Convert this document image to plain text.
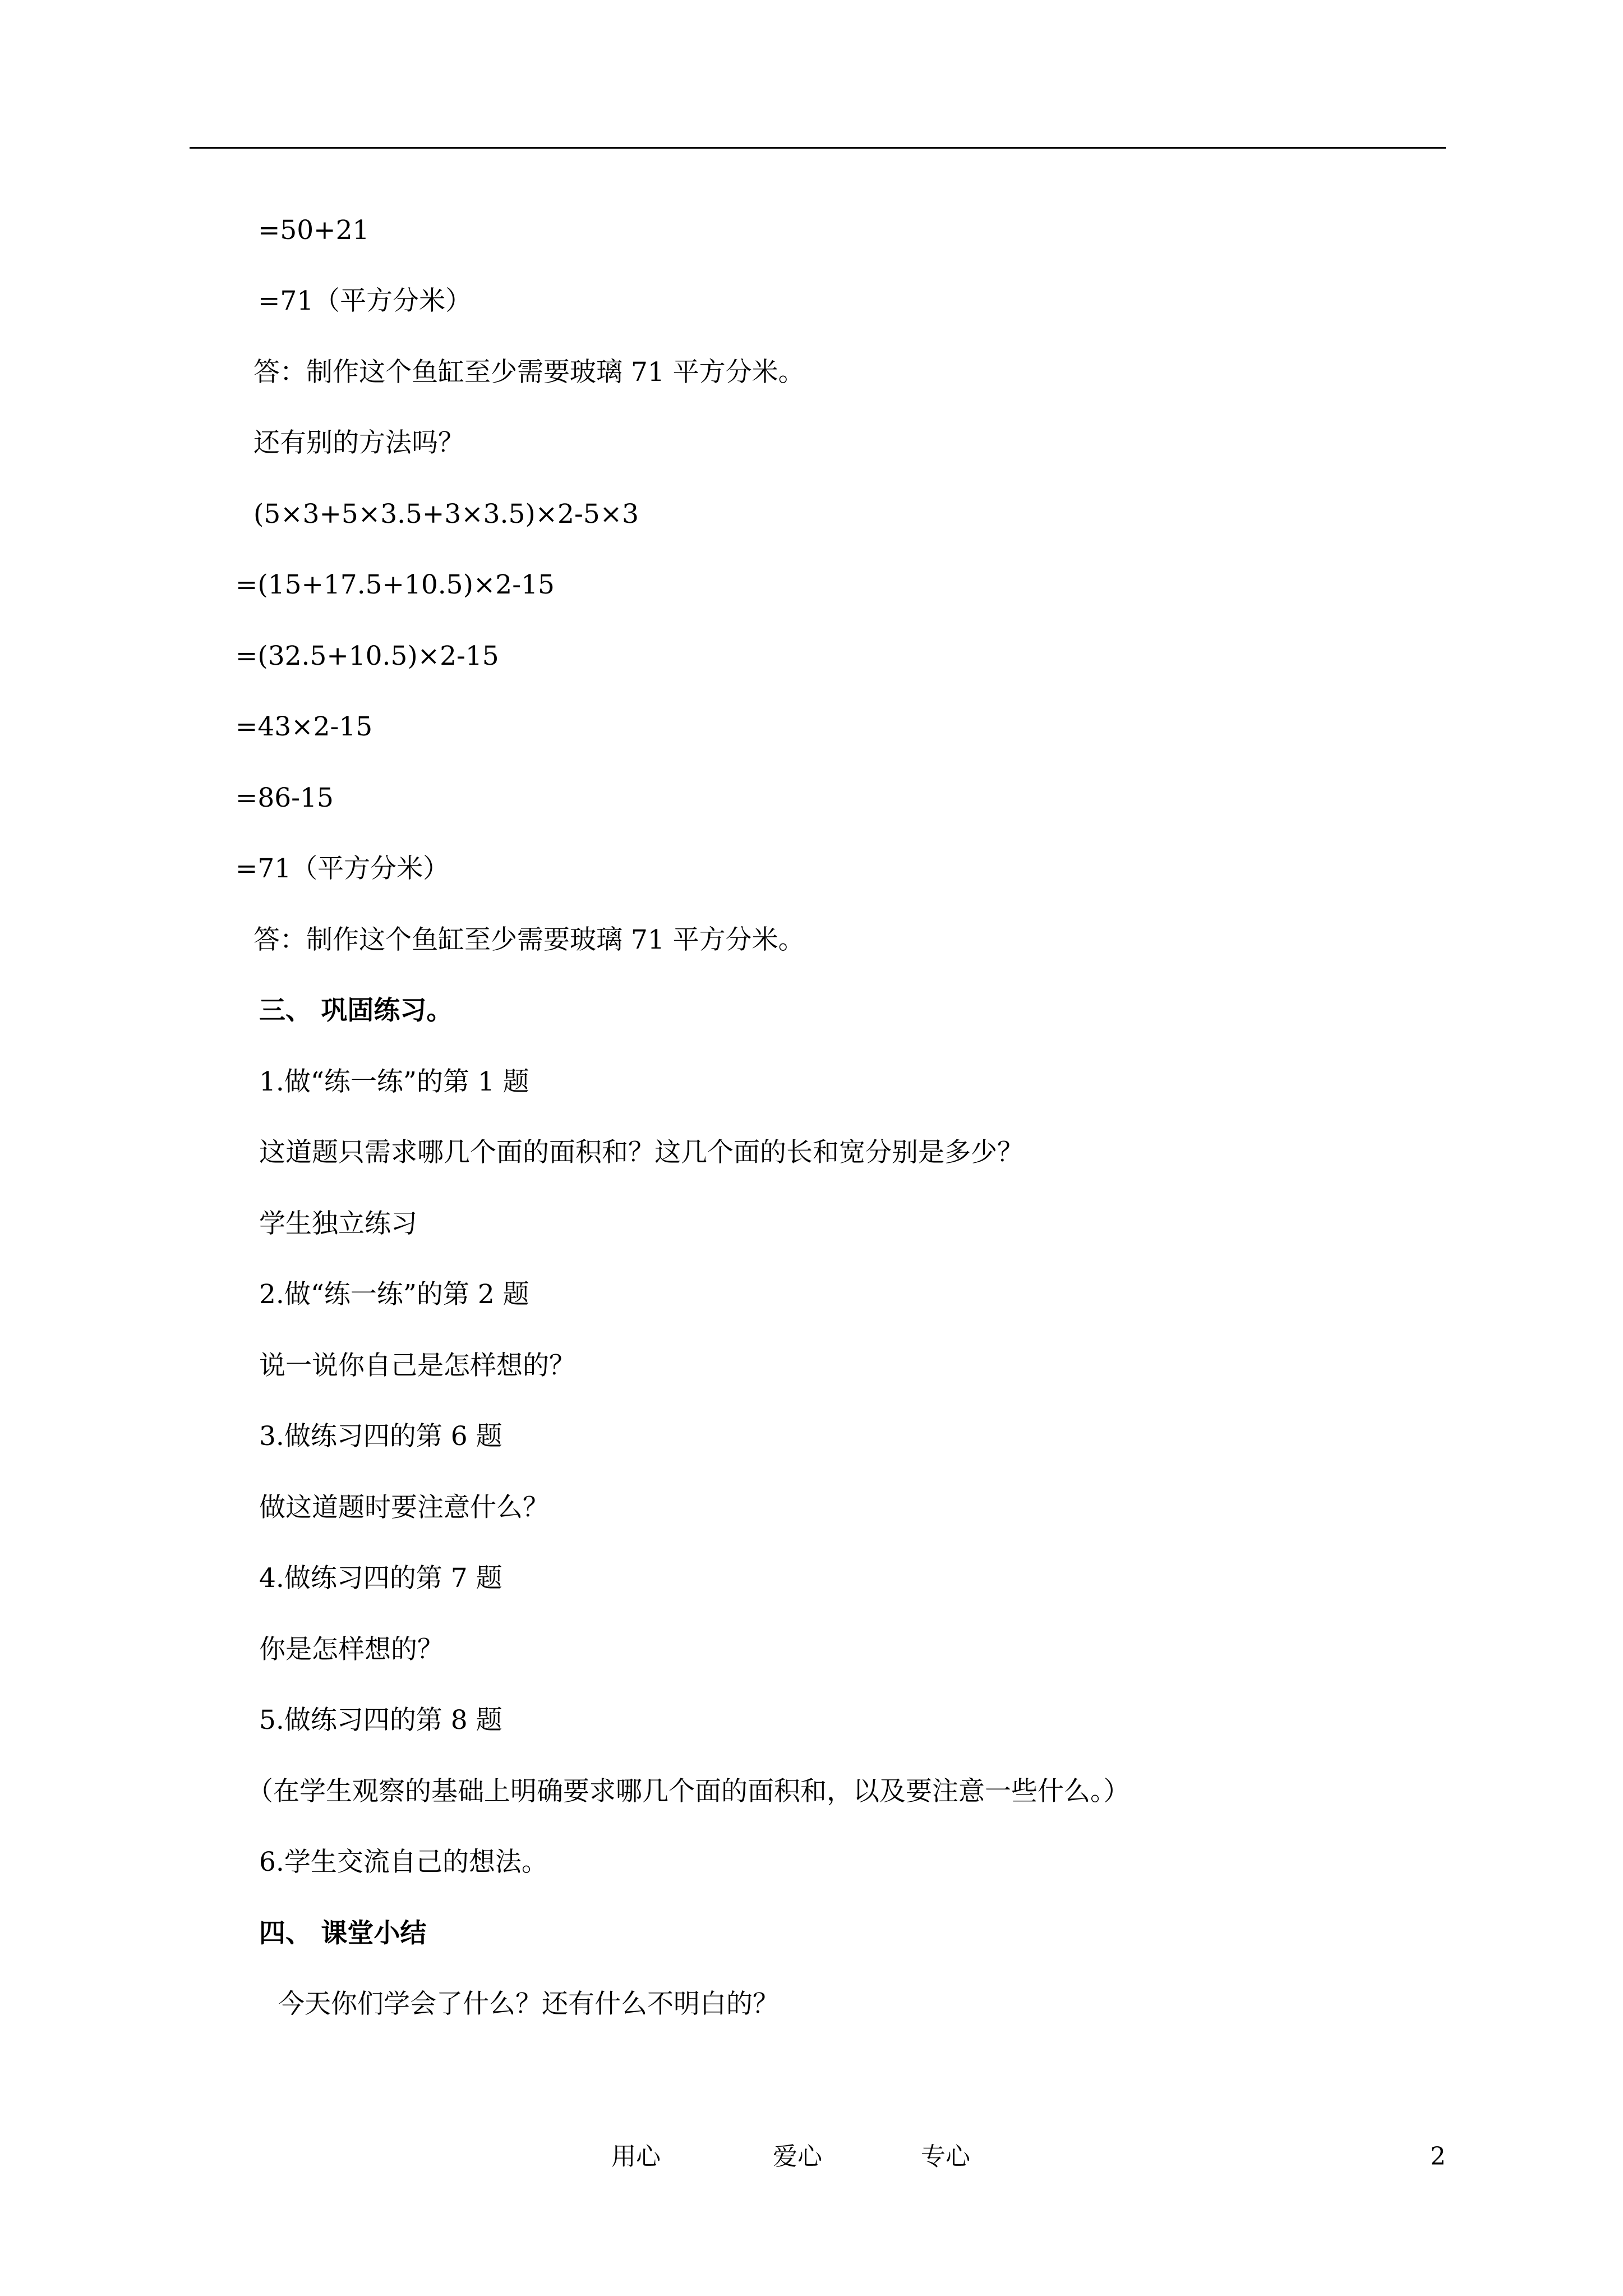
=50+21
=71（平方分米）
答：制作这个鱼缸至少需要玻璃 71 平方分米。
还有别的方法吗？
(5×3+5×3.5+3×3.5)×2-5×3
=(15+17.5+10.5)×2-15
=(32.5+10.5)×2-15
=43×2-15
=86-15
=71（平方分米）
答：制作这个鱼缸至少需要玻璃 71 平方分米。
三、 巩固练习。
1.做“练一练”的第 1 题
这道题只需求哪几个面的面积和？这几个面的长和宽分别是多少？
学生独立练习
2.做“练一练”的第 2 题
说一说你自己是怎样想的？
3.做练习四的第 6 题
做这道题时要注意什么？
4.做练习四的第 7 题
你是怎样想的？
5.做练习四的第 8 题
（在学生观察的基础上明确要求哪几个面的面积和，以及要注意一些什么。）
6.学生交流自己的想法。
四、 课堂小结
今天你们学会了什么？还有什么不明白的？
用心	爱心	专心	2
